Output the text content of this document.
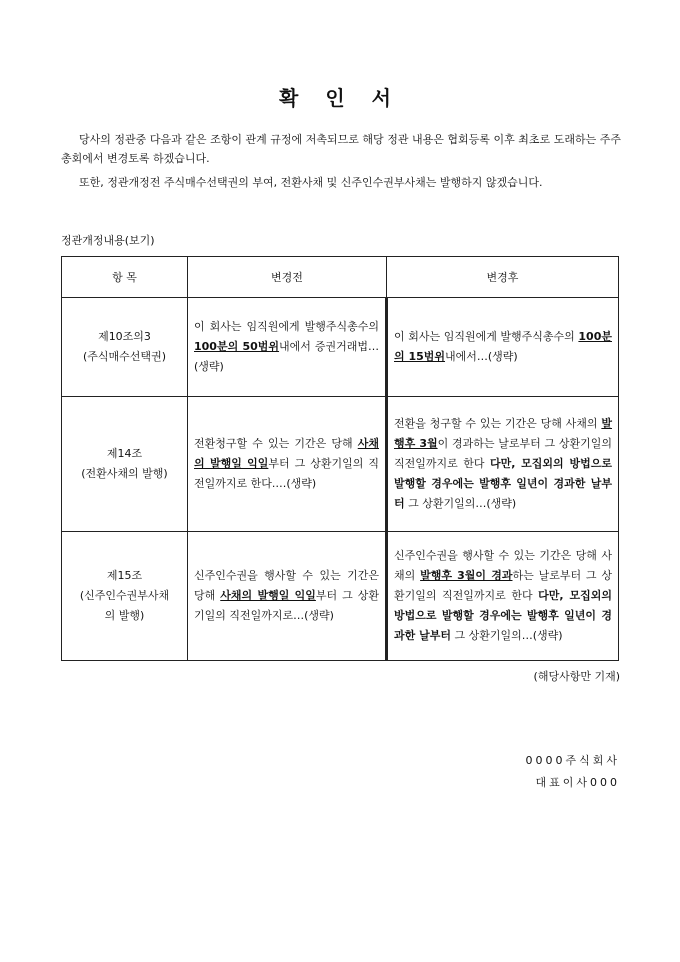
확 인 서
당사의 정관중 다음과 같은 조항이 관계 규정에 저촉되므로 해당 정관 내용은 협회등록 이후 최초로 도래하는 주주총회에서 변경토록 하겠습니다.
또한, 정관개정전 주식매수선택권의 부여, 전환사채 및 신주인수권부사채는 발행하지 않겠습니다.
정관개정내용(보기)
항 목	변경전	변경후

제10조의3
(주식매수선택권)	이 회사는 임직원에게 발행주식총수의 100분의 50범위내에서 증권거래법…(생략)	이 회사는 임직원에게 발행주식총수의 100분의 15범위내에서…(생략)

제14조
(전환사채의 발행)	전환청구할 수 있는 기간은 당해 사채의 발행일 익일부터 그 상환기일의 직전일까지로 한다.…(생략)	전환을 청구할 수 있는 기간은 당해 사채의 발행후 3월이 경과하는 날로부터 그 상환기일의 직전일까지로 한다 다만, 모집외의 방법으로 발행할 경우에는 발행후 일년이 경과한 날부터 그 상환기일의…(생략)

제15조
(신주인수권부사채
의 발행)	신주인수권을 행사할 수 있는 기간은 당해 사채의 발행일 익일부터 그 상환기일의 직전일까지로…(생략)	신주인수권을 행사할 수 있는 기간은 당해 사채의 발행후 3월이 경과하는 날로부터 그 상환기일의 직전일까지로 한다 다만, 모집외의 방법으로 발행할 경우에는 발행후 일년이 경과한 날부터 그 상환기일의…(생략)
(해당사항만 기재)
0000주식회사
대표이사000
